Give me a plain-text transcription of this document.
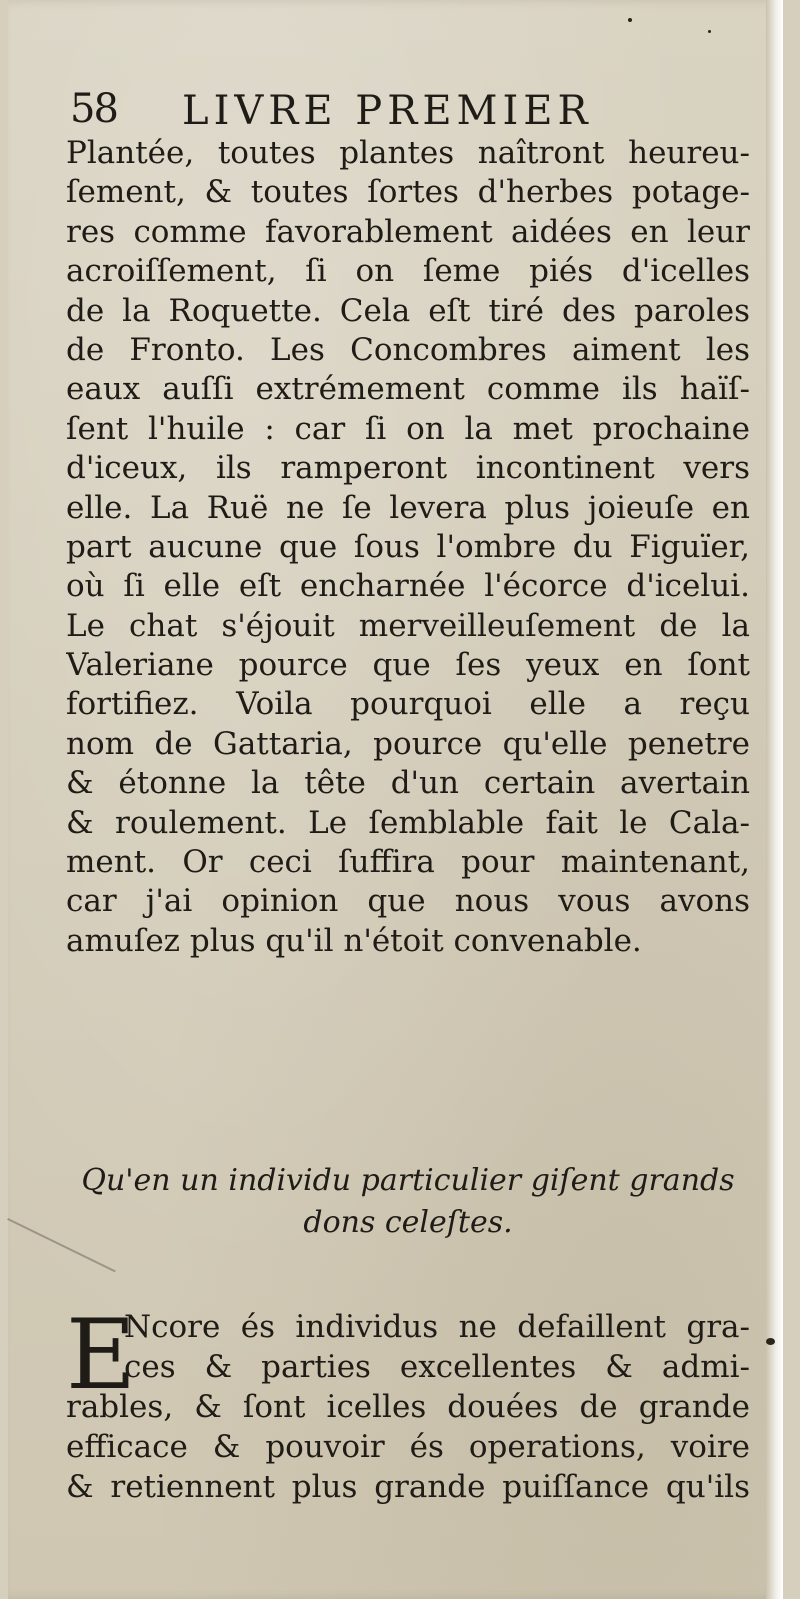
58 LIVRE PREMIER
Plantée, toutes plantes naîtront heureu-
ſement, & toutes ſortes d'herbes potage-
res comme favorablement aidées en leur
acroiſſement, ſi on ſeme piés d'icelles
de la Roquette. Cela eſt tiré des paroles
de Fronto. Les Concombres aiment les
eaux auſſi extrémement comme ils haïſ-
ſent l'huile : car ſi on la met prochaine
d'iceux, ils ramperont incontinent vers
elle. La Ruë ne ſe levera plus joieuſe en
part aucune que ſous l'ombre du Figuïer,
où ſi elle eſt encharnée l'écorce d'icelui.
Le chat s'éjouit merveilleuſement de la
Valeriane pource que ſes yeux en ſont
fortifiez. Voila pourquoi elle a reçu
nom de Gattaria, pource qu'elle penetre
& étonne la tête d'un certain avertain
& roulement. Le ſemblable fait le Cala-
ment. Or ceci ſuffira pour maintenant,
car j'ai opinion que nous vous avons
amuſez plus qu'il n'étoit convenable.
Qu'en un individu particulier giſent grands
dons celeſtes.
E
Ncore és individus ne defaillent gra-
ces & parties excellentes & admi-
rables, & ſont icelles douées de grande
efficace & pouvoir és operations, voire
& retiennent plus grande puiſſance qu'ils
